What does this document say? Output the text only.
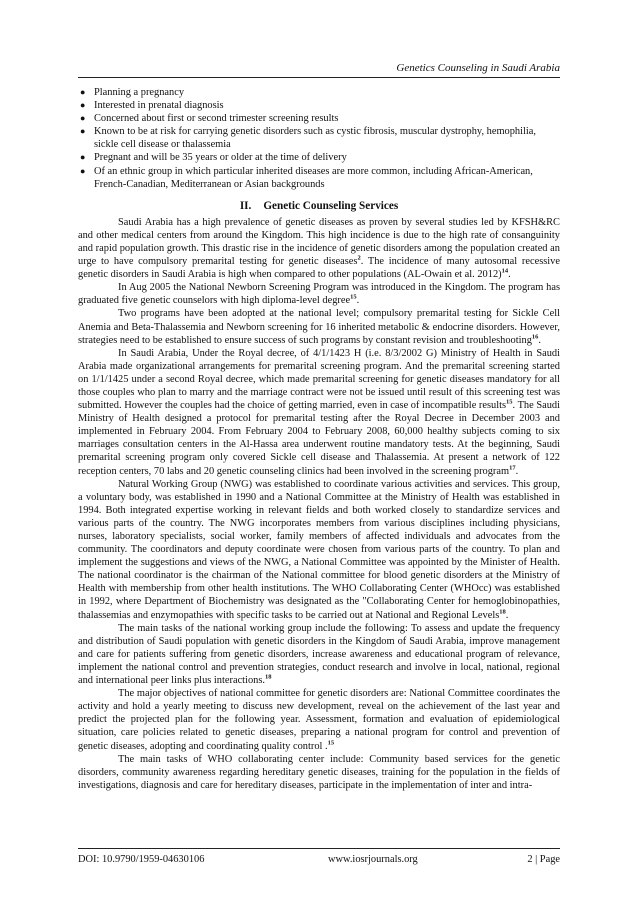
Genetics Counseling in Saudi Arabia
● Planning a pregnancy
● Interested in prenatal diagnosis
● Concerned about first or second trimester screening results
● Known to be at risk for carrying genetic disorders such as cystic fibrosis, muscular dystrophy, hemophilia, sickle cell disease or thalassemia
● Pregnant and will be 35 years or older at the time of delivery
● Of an ethnic group in which particular inherited diseases are more common, including African-American, French-Canadian, Mediterranean or Asian backgrounds
II. Genetic Counseling Services

Saudi Arabia has a high prevalence of genetic diseases as proven by several studies led by KFSH&RC and other medical centers from around the Kingdom. This high incidence is due to the high rate of consanguinity and rapid population growth. This drastic rise in the incidence of genetic disorders among the population created an urge to have compulsory premarital testing for genetic diseases$^2$. The incidence of many autosomal recessive genetic disorders in Saudi Arabia is high when compared to other populations (AL-Owain et al. 2012)$^{14}$.

In Aug 2005 the National Newborn Screening Program was introduced in the Kingdom. The program has graduated five genetic counselors with high diploma-level degree$^{15}$.

Two programs have been adopted at the national level; compulsory premarital testing for Sickle Cell Anemia and Beta-Thalassemia and Newborn screening for 16 inherited metabolic & endocrine disorders. However, strategies need to be established to ensure success of such programs by constant revision and troubleshooting$^{16}$.

In Saudi Arabia, Under the Royal decree, of 4/1/1423 H (i.e. 8/3/2002 G) Ministry of Health in Saudi Arabia made organizational arrangements for premarital screening program. And the premarital screening started on 1/1/1425 under a second Royal decree, which made premarital screening for genetic diseases mandatory for all those couples who plan to marry and the marriage contract were not be issued until result of this screening test was submitted. However the couples had the choice of getting married, even in case of incompatible results$^{15}$. The Saudi Ministry of Health designed a protocol for premarital testing after the Royal Decree in December 2003 and implemented in February 2004. From February 2004 to February 2008, 60,000 healthy subjects coming to six marriages consultation centers in the Al-Hassa area underwent routine mandatory tests. At the beginning, Saudi premarital screening program only covered Sickle cell disease and Thalassemia. At present a network of 122 reception centers, 70 labs and 20 genetic counseling clinics had been involved in the screening program$^{17}$.

Natural Working Group (NWG) was established to coordinate various activities and services. This group, a voluntary body, was established in 1990 and a National Committee at the Ministry of Health was established in 1994. Both integrated expertise working in relevant fields and both worked closely to standardize services and various parts of the country. The NWG incorporates members from various disciplines including physicians, nurses, laboratory specialists, social worker, family members of affected individuals and advocates from the community. The coordinators and deputy coordinate were chosen from various parts of the country. To plan and implement the suggestions and views of the NWG, a National Committee was appointed by the Minister of Health. The national coordinator is the chairman of the National committee for blood genetic disorders at the Ministry of Health with membership from other health institutions. The WHO Collaborating Center (WHOcc) was established in 1992, where Department of Biochemistry was designated as the "Collaborating Center for hemoglobinopathies, thalassemias and enzymopathies with specific tasks to be carried out at National and Regional Levels$^{18}$.

The main tasks of the national working group include the following: To assess and update the frequency and distribution of Saudi population with genetic disorders in the Kingdom of Saudi Arabia, improve management and care for patients suffering from genetic disorders, increase awareness and educational program of relevance, implement the national control and prevention strategies, conduct research and involve in local, national, regional and international peer links plus interactions.$^{18}$

The major objectives of national committee for genetic disorders are: National Committee coordinates the activity and hold a yearly meeting to discuss new development, reveal on the achievement of the last year and predict the projected plan for the following year. Assessment, formation and evaluation of epidemiological situation, care policies related to genetic diseases, preparing a national program for control and prevention of genetic diseases, adopting and coordinating quality control .$^{15}$

The main tasks of WHO collaborating center include: Community based services for the genetic disorders, community awareness regarding hereditary genetic diseases, training for the population in the fields of investigations, diagnosis and care for hereditary diseases, participate in the implementation of inter and intra-

DOI: 10.9790/1959-04630106	www.iosrjournals.org	2 | Page
